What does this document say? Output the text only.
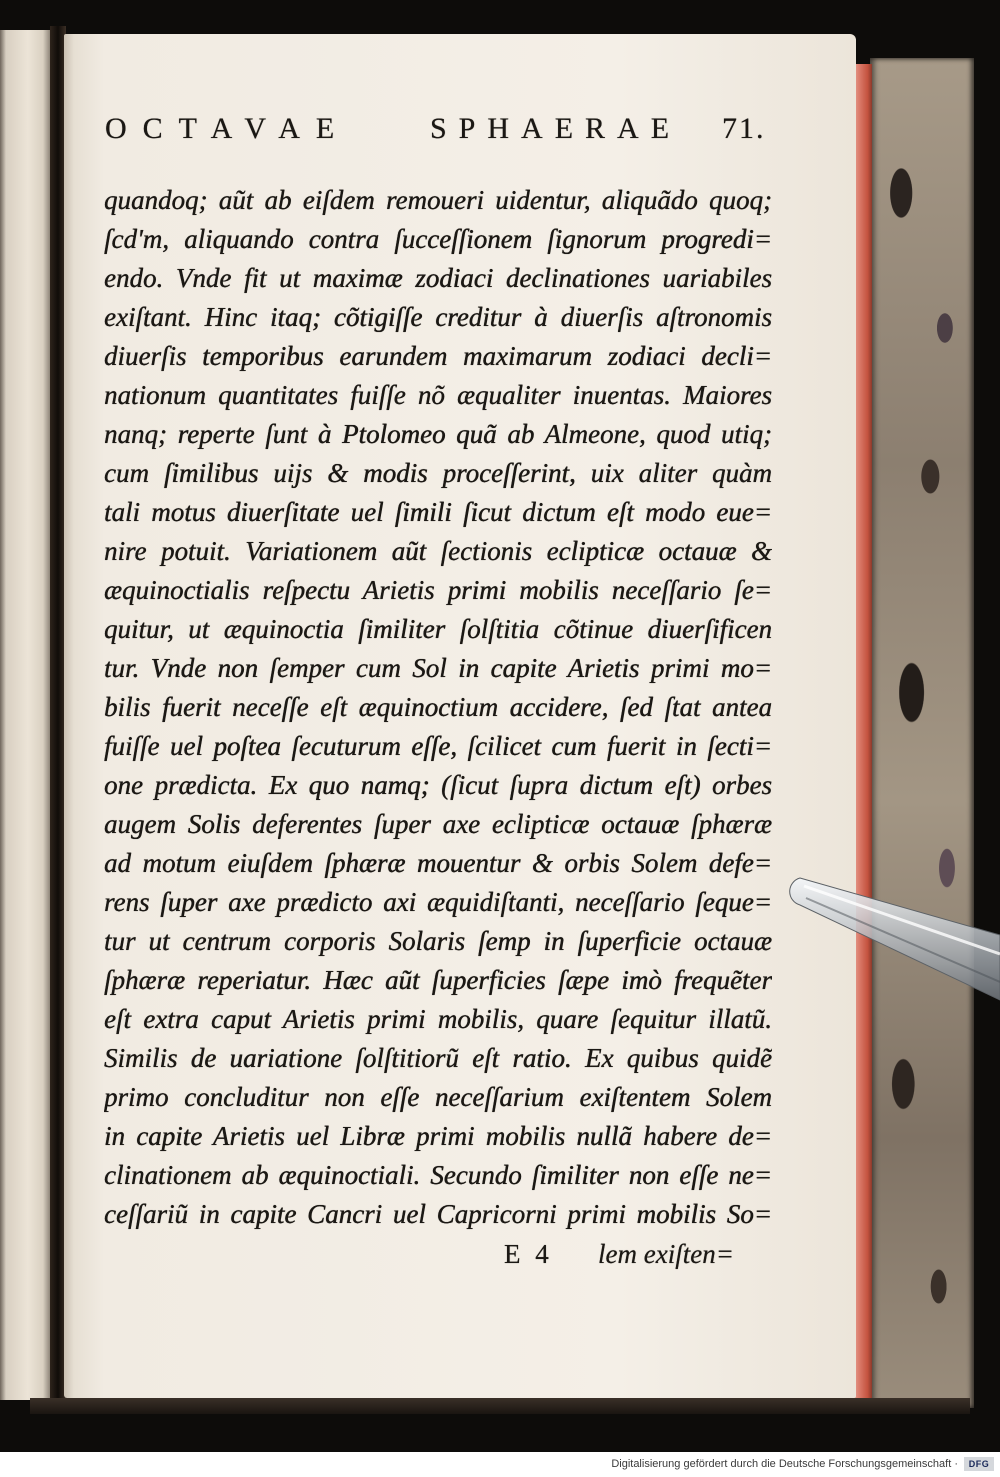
OCTAVAE	SPHAERAE 71.
quandoq; aũt ab eiſdem remoueri uidentur, aliquãdo quoq;
ſcd'm, aliquando contra ſucceſſionem ſignorum progredi=
endo. Vnde fit ut maximæ zodiaci declinationes uariabiles
exiſtant. Hinc itaq; cõtigiſſe creditur à diuerſis aſtronomis
diuerſis temporibus earundem maximarum zodiaci decli=
nationum quantitates fuiſſe nõ æqualiter inuentas. Maiores
nanq; reperte ſunt à Ptolomeo quã ab Almeone, quod utiq;
cum ſimilibus uijs & modis proceſſerint, uix aliter quàm
tali motus diuerſitate uel ſimili ſicut dictum eſt modo eue=
nire potuit. Variationem aũt ſectionis eclipticæ octauæ &
æquinoctialis reſpectu Arietis primi mobilis neceſſario ſe=
quitur, ut æquinoctia ſimiliter ſolſtitia cõtinue diuerſificen
tur. Vnde non ſemper cum Sol in capite Arietis primi mo=
bilis fuerit neceſſe eſt æquinoctium accidere, ſed ſtat antea
fuiſſe uel poſtea ſecuturum eſſe, ſcilicet cum fuerit in ſecti=
one prædicta. Ex quo namq; (ſicut ſupra dictum eſt) orbes
augem Solis deferentes ſuper axe eclipticæ octauæ ſphæræ
ad motum eiuſdem ſphæræ mouentur & orbis Solem defe=
rens ſuper axe prædicto axi æquidiſtanti, neceſſario ſeque=
tur ut centrum corporis Solaris ſemp in ſuperficie octauæ
ſphæræ reperiatur. Hæc aũt ſuperficies ſæpe imò frequẽter
eſt extra caput Arietis primi mobilis, quare ſequitur illatũ.
Similis de uariatione ſolſtitiorũ eſt ratio. Ex quibus quidẽ
primo concluditur non eſſe neceſſarium exiſtentem Solem
in capite Arietis uel Libræ primi mobilis nullã habere de=
clinationem ab æquinoctiali. Secundo ſimiliter non eſſe ne=
ceſſariũ in capite Cancri uel Capricorni primi mobilis So=
E 4 lem exiſten=
Digitalisierung gefördert durch die Deutsche Forschungsgemeinschaft ·	DFG
